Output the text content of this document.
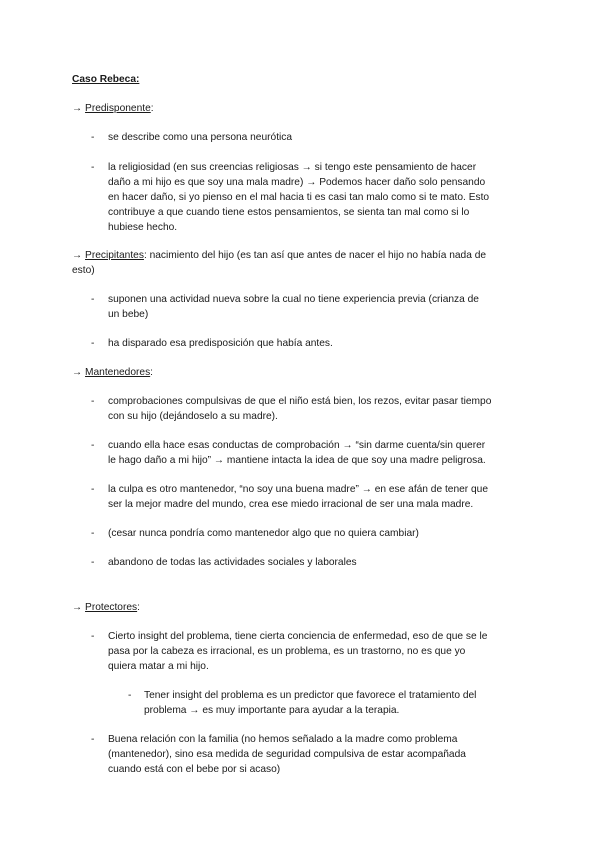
Caso Rebeca:
→ Predisponente:
- se describe como una persona neurótica
- la religiosidad (en sus creencias religiosas → si tengo este pensamiento de hacer
daño a mi hijo es que soy una mala madre) → Podemos hacer daño solo pensando
en hacer daño, si yo pienso en el mal hacia ti es casi tan malo como si te mato. Esto
contribuye a que cuando tiene estos pensamientos, se sienta tan mal como si lo
hubiese hecho.
→ Precipitantes: nacimiento del hijo (es tan así que antes de nacer el hijo no había nada de
esto)
- suponen una actividad nueva sobre la cual no tiene experiencia previa (crianza de
un bebe)
- ha disparado esa predisposición que había antes.
→ Mantenedores:
- comprobaciones compulsivas de que el niño está bien, los rezos, evitar pasar tiempo
con su hijo (dejándoselo a su madre).
- cuando ella hace esas conductas de comprobación → “sin darme cuenta/sin querer
le hago daño a mi hijo” → mantiene intacta la idea de que soy una madre peligrosa.
- la culpa es otro mantenedor, “no soy una buena madre” → en ese afán de tener que
ser la mejor madre del mundo, crea ese miedo irracional de ser una mala madre.
- (cesar nunca pondría como mantenedor algo que no quiera cambiar)
- abandono de todas las actividades sociales y laborales
→ Protectores:
- Cierto insight del problema, tiene cierta conciencia de enfermedad, eso de que se le
pasa por la cabeza es irracional, es un problema, es un trastorno, no es que yo
quiera matar a mi hijo.
- Tener insight del problema es un predictor que favorece el tratamiento del
problema → es muy importante para ayudar a la terapia.
- Buena relación con la familia (no hemos señalado a la madre como problema
(mantenedor), sino esa medida de seguridad compulsiva de estar acompañada
cuando está con el bebe por si acaso)
